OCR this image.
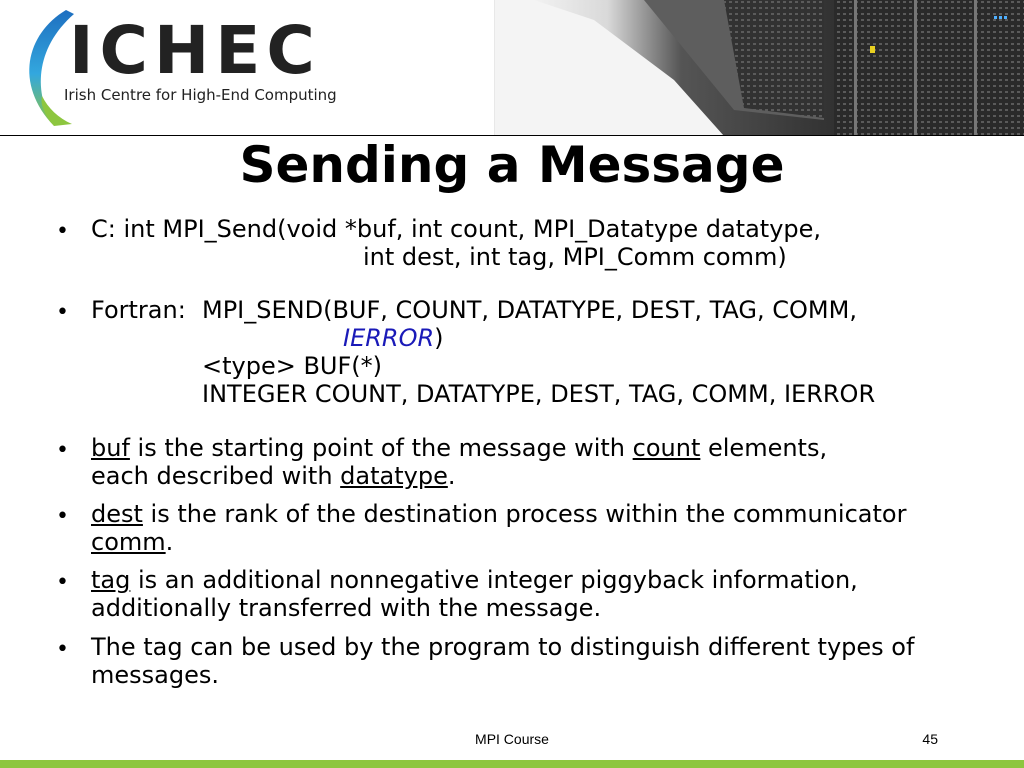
ICHEC
Irish Centre for High-End Computing
Sending a Message
• C: int MPI_Send(void *buf, int count, MPI_Datatype datatype,
int dest, int tag, MPI_Comm comm)
• Fortran: MPI_SEND(BUF, COUNT, DATATYPE, DEST, TAG, COMM,
IERROR)
<type> BUF(*)
INTEGER COUNT, DATATYPE, DEST, TAG, COMM, IERROR
• buf is the starting point of the message with count elements,
each described with datatype.
• dest is the rank of the destination process within the communicator
comm.
• tag is an additional nonnegative integer piggyback information,
additionally transferred with the message.
• The tag can be used by the program to distinguish different types of
messages.
MPI Course	45
